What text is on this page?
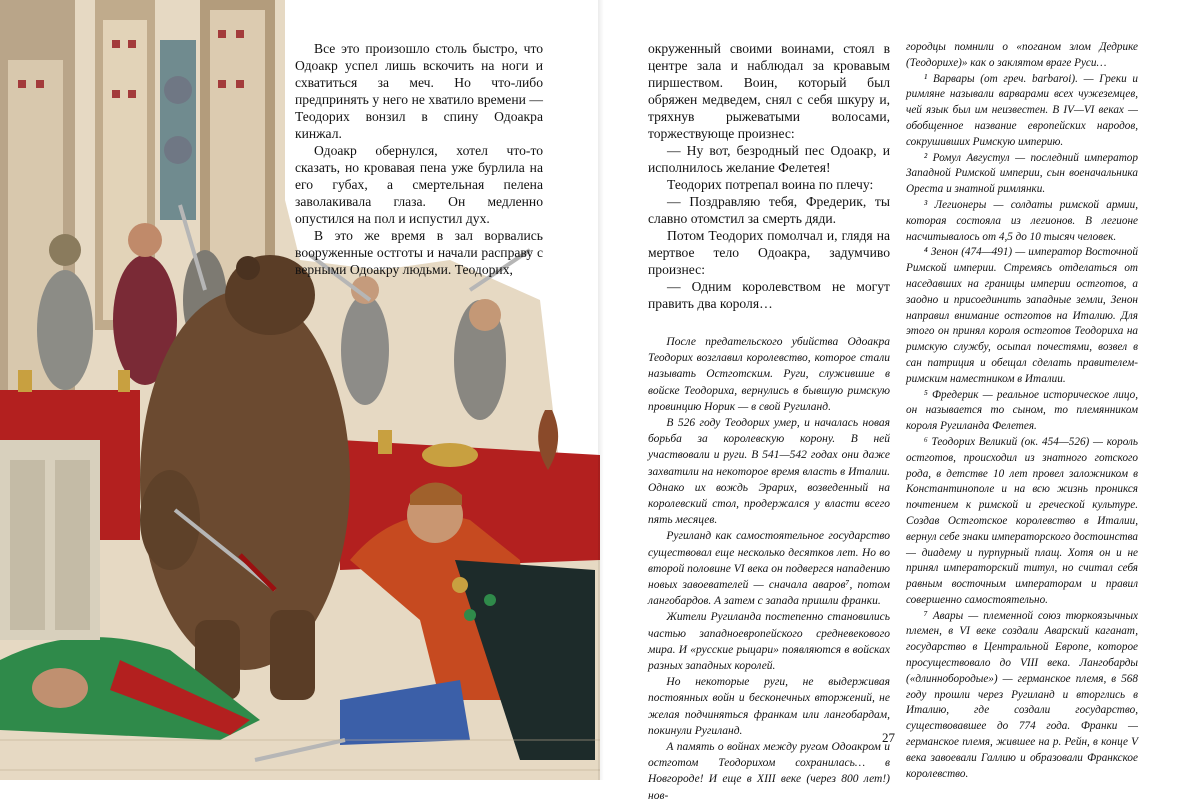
Все это произошло столь быстро, что Одоакр успел лишь вскочить на ноги и схватиться за меч. Но что-либо предпринять у него не хватило времени — Теодорих вонзил в спину Одоакра кинжал.

Одоакр обернулся, хотел что-то сказать, но кровавая пена уже бурлила на его губах, а смертельная пелена заволакивала глаза. Он медленно опустился на пол и испустил дух.

В это же время в зал ворвались вооруженные остготы и начали расправу с верными Одоакру людьми. Теодорих,

окруженный своими воинами, стоял в центре зала и наблюдал за кровавым пиршеством. Воин, который был обряжен медведем, снял с себя шкуру и, тряхнув рыжеватыми волосами, торжествующе произнес:

— Ну вот, безродный пес Одоакр, и исполнилось желание Фелетея!

Теодорих потрепал воина по плечу:

— Поздравляю тебя, Фредерик, ты славно отомстил за смерть дяди.

Потом Теодорих помолчал и, глядя на мертвое тело Одоакра, задумчиво произнес:

— Одним королевством не могут править два короля…

После предательского убийства Одоакра Теодорих возглавил королевство, которое стали называть Остготским. Руги, служившие в войске Теодориха, вернулись в бывшую римскую провинцию Норик — в свой Ругиланд.

В 526 году Теодорих умер, и началась новая борьба за королевскую корону. В ней участвовали и руги. В 541—542 годах они даже захватили на некоторое время власть в Италии. Однако их вождь Эрарих, возведенный на королевский стол, продержался у власти всего пять месяцев.

Ругиланд как самостоятельное государство существовал еще несколько десятков лет. Но во второй половине VI века он подвергся нападению новых завоевателей — сначала аваров⁷, потом лангобардов. А затем с запада пришли франки.

Жители Ругиланда постепенно становились частью западноевропейского средневекового мира. И «русские рыцари» появляются в войсках разных западных королей.

Но некоторые руги, не выдерживая постоянных войн и бесконечных вторжений, не желая подчиняться франкам или лангобардам, покинули Ругиланд.

А память о войнах между ругом Одоакром и остготом Теодорихом сохранилась… в Новгороде! И еще в XIII веке (через 800 лет!) нов-

городцы помнили о «поганом злом Дедрике (Теодорихе)» как о заклятом враге Руси…

¹ Варвары (от греч. barbaroi). — Греки и римляне называли варварами всех чужеземцев, чей язык был им неизвестен. В IV—VI веках — обобщенное название европейских народов, сокрушивших Римскую империю.

² Ромул Августул — последний император Западной Римской империи, сын военачальника Ореста и знатной римлянки.

³ Легионеры — солдаты римской армии, которая состояла из легионов. В легионе насчитывалось от 4,5 до 10 тысяч человек.

⁴ Зенон (474—491) — император Восточной Римской империи. Стремясь отделаться от наседавших на границы империи остготов, а заодно и присоединить западные земли, Зенон направил внимание остготов на Италию. Для этого он принял короля остготов Теодориха на римскую службу, осыпал почестями, возвел в сан патриция и обещал сделать правителем-римским наместником в Италии.

⁵ Фредерик — реальное историческое лицо, он называется то сыном, то племянником короля Ругиланда Фелетея.

⁶ Теодорих Великий (ок. 454—526) — король остготов, происходил из знатного готского рода, в детстве 10 лет провел заложником в Константинополе и на всю жизнь проникся почтением к римской и греческой культуре. Создав Остготское королевство в Италии, вернул себе знаки императорского достоинства — диадему и пурпурный плащ. Хотя он и не принял императорский титул, но считал себя равным восточным императорам и правил совершенно самостоятельно.

⁷ Авары — племенной союз тюркоязычных племен, в VI веке создали Аварский каганат, государство в Центральной Европе, которое просуществовало до VIII века. Лангобарды («длиннобородые») — германское племя, в 568 году прошли через Ругиланд и вторглись в Италию, где создали государство, существовавшее до 774 года. Франки — германское племя, жившее на р. Рейн, в конце V века завоевали Галлию и образовали Франкское королевство.

27
